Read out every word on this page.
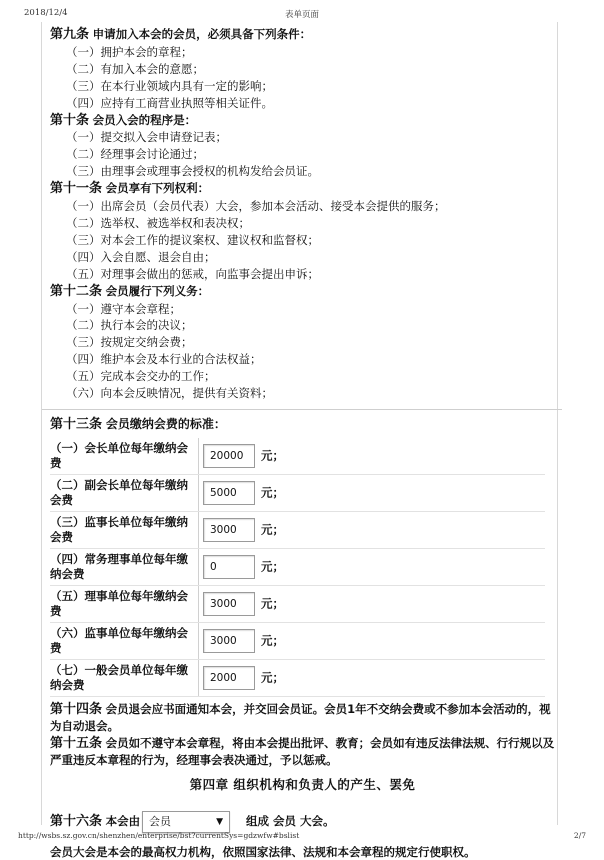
2018/12/4	表单页面
第九条 申请加入本会的会员，必须具备下列条件：
（一）拥护本会的章程；
（二）有加入本会的意愿；
（三）在本行业领域内具有一定的影响；
（四）应持有工商营业执照等相关证件。
第十条 会员入会的程序是：
（一）提交拟入会申请登记表；
（二）经理事会讨论通过；
（三）由理事会或理事会授权的机构发给会员证。
第十一条 会员享有下列权利：
（一）出席会员（会员代表）大会，参加本会活动、接受本会提供的服务；
（二）选举权、被选举权和表决权；
（三）对本会工作的提议案权、建议权和监督权；
（四）入会自愿、退会自由；
（五）对理事会做出的惩戒，向监事会提出申诉；
第十二条 会员履行下列义务：
（一）遵守本会章程；
（二）执行本会的决议；
（三）按规定交纳会费；
（四）维护本会及本行业的合法权益；
（五）完成本会交办的工作；
（六）向本会反映情况，提供有关资料；
第十三条 会员缴纳会费的标准：
（一）会长单位每年缴纳会费		20000 元；
（二）副会长单位每年缴纳会费		5000 元；
（三）监事长单位每年缴纳会费		3000 元；
（四）常务理事单位每年缴纳会费		0 元；
（五）理事单位每年缴纳会费		3000 元；
（六）监事单位每年缴纳会费		3000 元；
（七）一般会员单位每年缴纳会费		2000 元；
第十四条 会员退会应书面通知本会，并交回会员证。会员1年不交纳会费或不参加本会活动的，视为自动退会。
第十五条 会员如不遵守本会章程，将由本会提出批评、教育；会员如有违反法律法规、行行规以及严重违反本章程的行为，经理事会表决通过，予以惩戒。
第四章 组织机构和负责人的产生、罢免
第十六条 本会由 会员	▼ 组成 会员 大会。
会员大会是本会的最高权力机构，依照国家法律、法规和本会章程的规定行使职权。
http://wsbs.sz.gov.cn/shenzhen/enterprise/bst?currentSys=gdzwfw#bslist	2/7
